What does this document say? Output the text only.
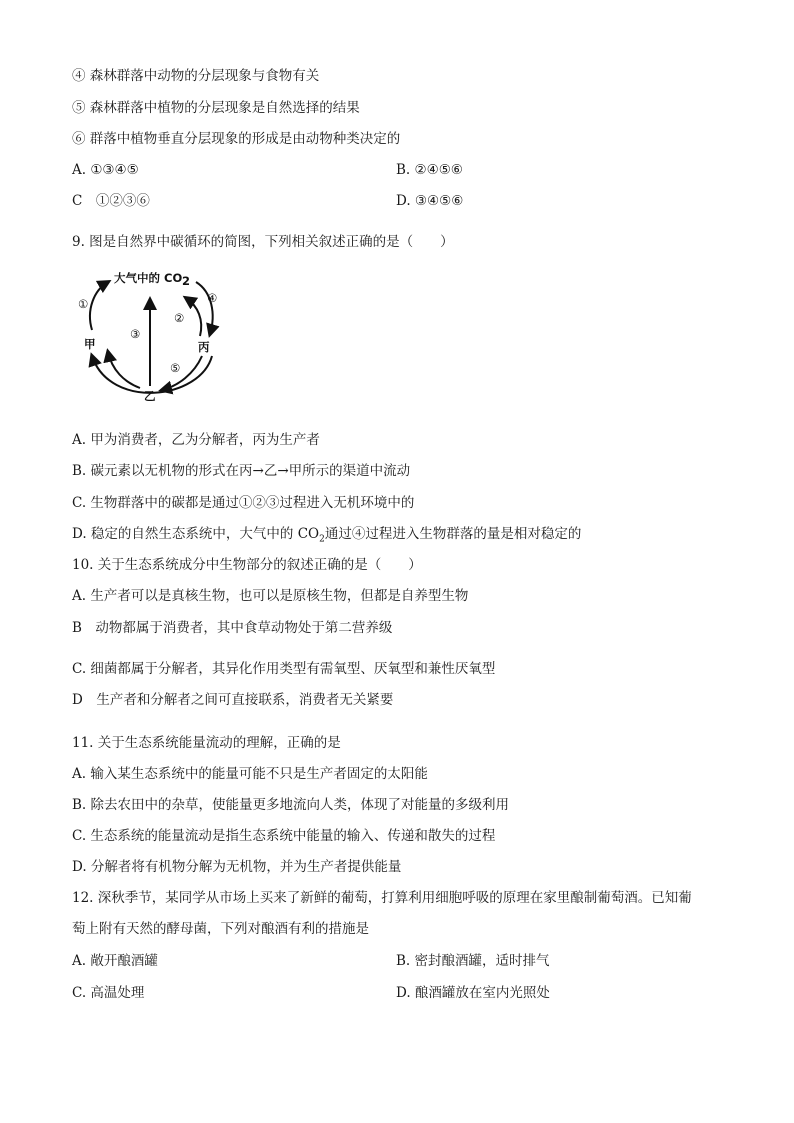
④ 森林群落中动物的分层现象与食物有关
⑤ 森林群落中植物的分层现象是自然选择的结果
⑥ 群落中植物垂直分层现象的形成是由动物种类决定的
A. ①③④⑤	B. ②④⑤⑥
C　①②③⑥	D. ③④⑤⑥
9. 图是自然界中碳循环的简图，下列相关叙述正确的是（　　）
大气中的 CO 2
①	④
②
③
⑤
甲	丙
乙
A. 甲为消费者，乙为分解者，丙为生产者
B. 碳元素以无机物的形式在丙→乙→甲所示的渠道中流动
C. 生物群落中的碳都是通过①②③过程进入无机环境中的
D. 稳定的自然生态系统中，大气中的 $CO_2$通过④过程进入生物群落的量是相对稳定的
10. 关于生态系统成分中生物部分的叙述正确的是（　　）
A. 生产者可以是真核生物，也可以是原核生物，但都是自养型生物
B　动物都属于消费者，其中食草动物处于第二营养级
C. 细菌都属于分解者，其异化作用类型有需氧型、厌氧型和兼性厌氧型
D　生产者和分解者之间可直接联系，消费者无关紧要
11. 关于生态系统能量流动的理解，正确的是
A. 输入某生态系统中的能量可能不只是生产者固定的太阳能
B. 除去农田中的杂草，使能量更多地流向人类，体现了对能量的多级利用
C. 生态系统的能量流动是指生态系统中能量的输入、传递和散失的过程
D. 分解者将有机物分解为无机物，并为生产者提供能量
12. 深秋季节，某同学从市场上买来了新鲜的葡萄，打算利用细胞呼吸的原理在家里酿制葡萄酒。已知葡
萄上附有天然的酵母菌，下列对酿酒有利的措施是
A. 敞开酿酒罐	B. 密封酿酒罐，适时排气
C. 高温处理	D. 酿酒罐放在室内光照处
